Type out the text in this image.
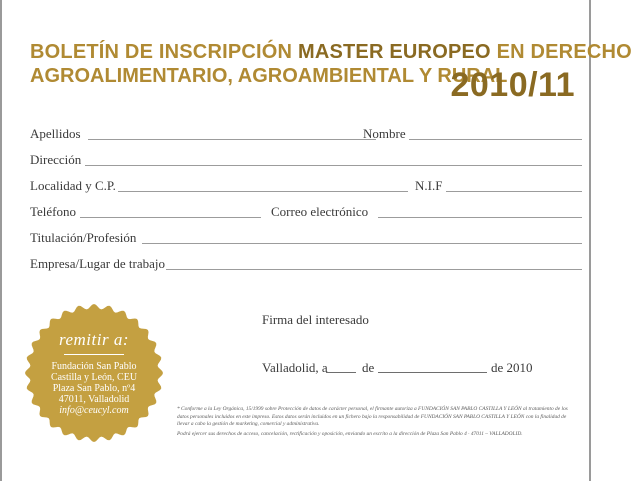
BOLETÍN DE INSCRIPCIÓN MASTER EUROPEO EN DERECHO
AGROALIMENTARIO, AGROAMBIENTAL Y RURAL
2010/11
Apellidos	Nombre
Dirección
Localidad y C.P.	N.I.F
Teléfono	Correo electrónico
Titulación/Profesión
Empresa/Lugar de trabajo
Firma del interesado
Valladolid, a	de	de 2010
remitir a:
Fundación San Pablo
Castilla y León, CEU
Plaza San Pablo, nº4
47011, Valladolid
info@ceucyl.com	* Conforme a la Ley Orgánica, 15/1999 sobre Protección de datos de carácter personal, el firmante autoriza a FUNDACIÓN SAN PABLO CASTILLA Y LEÓN al tratamiento de los datos personales incluidos en este impreso. Estos datos serán incluidos en un fichero bajo la responsabilidad de FUNDACIÓN SAN PABLO CASTILLA Y LEÓN con la finalidad de llevar a cabo la gestión de marketing, comercial y administrativa.

Podrá ejercer sus derechos de acceso, cancelación, rectificación y oposición, enviando un escrito a la dirección de Plaza San Pablo 4 · 47011 – VALLADOLID.
